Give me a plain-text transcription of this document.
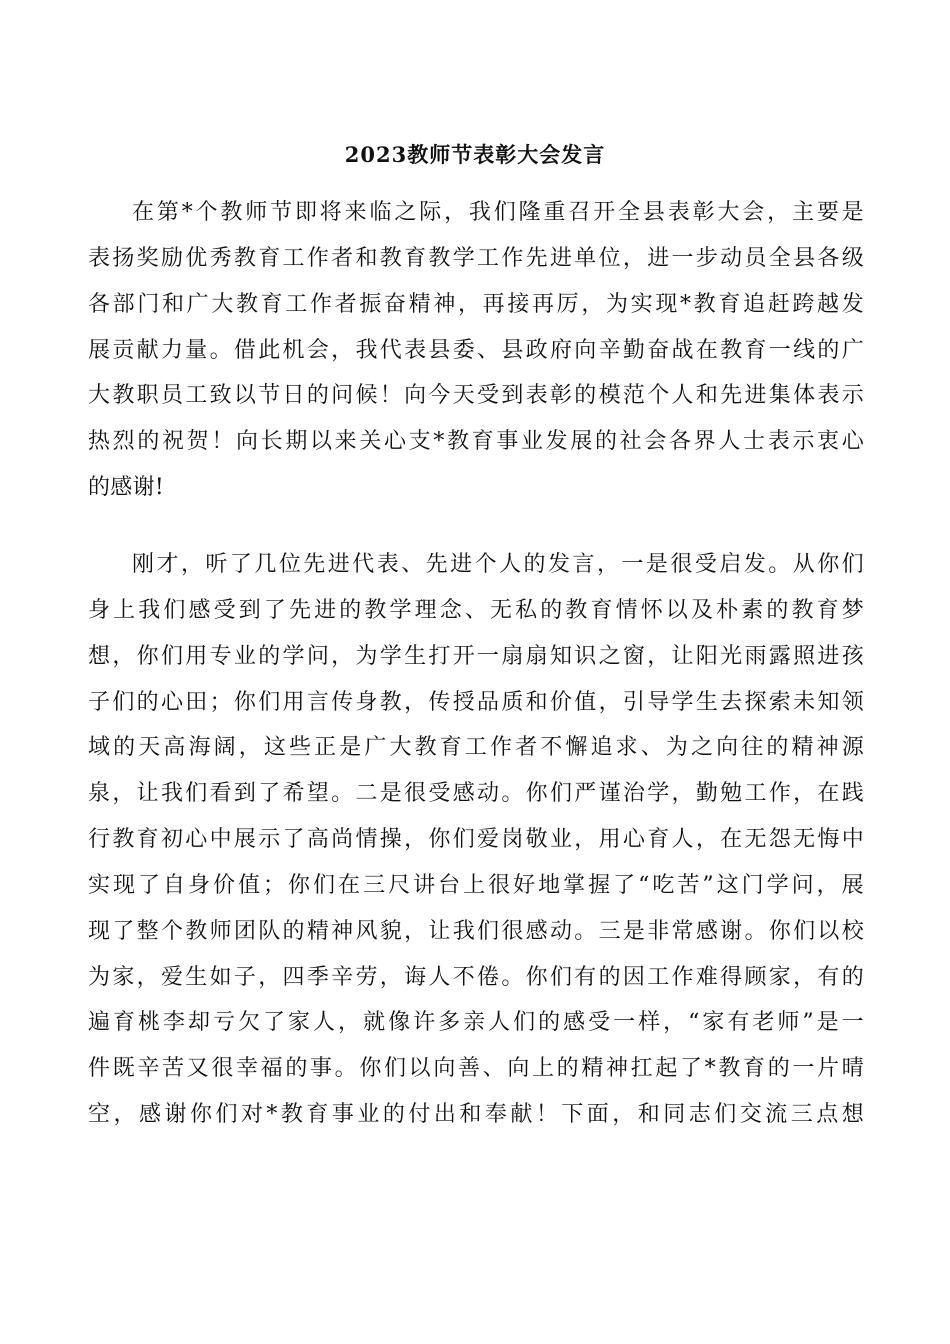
2023教师节表彰大会发言
在第*个教师节即将来临之际，我们隆重召开全县表彰大会，主要是
表扬奖励优秀教育工作者和教育教学工作先进单位，进一步动员全县各级
各部门和广大教育工作者振奋精神，再接再厉，为实现*教育追赶跨越发
展贡献力量。借此机会，我代表县委、县政府向辛勤奋战在教育一线的广
大教职员工致以节日的问候！向今天受到表彰的模范个人和先进集体表示
热烈的祝贺！向长期以来关心支*教育事业发展的社会各界人士表示衷心
的感谢!
刚才，听了几位先进代表、先进个人的发言，一是很受启发。从你们
身上我们感受到了先进的教学理念、无私的教育情怀以及朴素的教育梦
想，你们用专业的学问，为学生打开一扇扇知识之窗，让阳光雨露照进孩
子们的心田；你们用言传身教，传授品质和价值，引导学生去探索未知领
域的天高海阔，这些正是广大教育工作者不懈追求、为之向往的精神源
泉，让我们看到了希望。二是很受感动。你们严谨治学，勤勉工作，在践
行教育初心中展示了高尚情操，你们爱岗敬业，用心育人，在无怨无悔中
实现了自身价值；你们在三尺讲台上很好地掌握了“吃苦”这门学问，展
现了整个教师团队的精神风貌，让我们很感动。三是非常感谢。你们以校
为家，爱生如子，四季辛劳，诲人不倦。你们有的因工作难得顾家，有的
遍育桃李却亏欠了家人，就像许多亲人们的感受一样，“家有老师”是一
件既辛苦又很幸福的事。你们以向善、向上的精神扛起了*教育的一片晴
空，感谢你们对*教育事业的付出和奉献！下面，和同志们交流三点想
